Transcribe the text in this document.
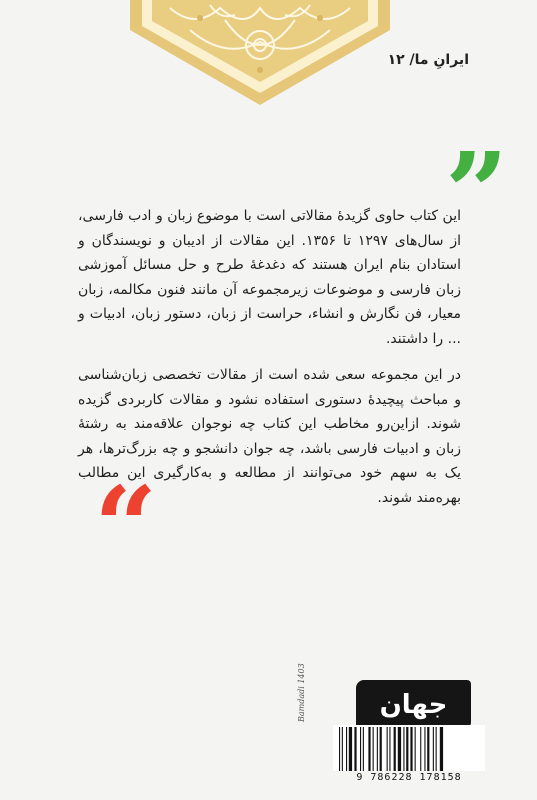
ایرانِ ما/ ۱۲
”

این کتاب حاوی گزیدهٔ مقالاتی است با موضوع زبان و ادب فارسی، از سال‌های ۱۲۹۷ تا ۱۳۵۶. این مقالات از ادیبان و نویسندگان و استادان بنام ایران هستند که دغدغهٔ طرح و حل مسائل آموزشی زبان فارسی و موضوعات زیرمجموعه آن مانند فنون مکالمه، زبان معیار، فن نگارش و انشاء، حراست از زبان، دستور زبان، ادبیات و ... را داشتند.

در این مجموعه سعی شده است از مقالات تخصصی زبان‌شناسی و مباحث پیچیدهٔ دستوری استفاده نشود و مقالات کاربردی گزیده شوند. ازاین‌رو مخاطب این کتاب چه نوجوان علاقه‌مند به رشتهٔ زبان و ادبیات فارسی باشد، چه جوان دانشجو و چه بزرگ‌ترها، هر یک به سهم خود می‌توانند از مطالعه و به‌کارگیری این مطالب بهره‌مند شوند.

“
جهان
9 786228 178158
Bamdadi 1403
